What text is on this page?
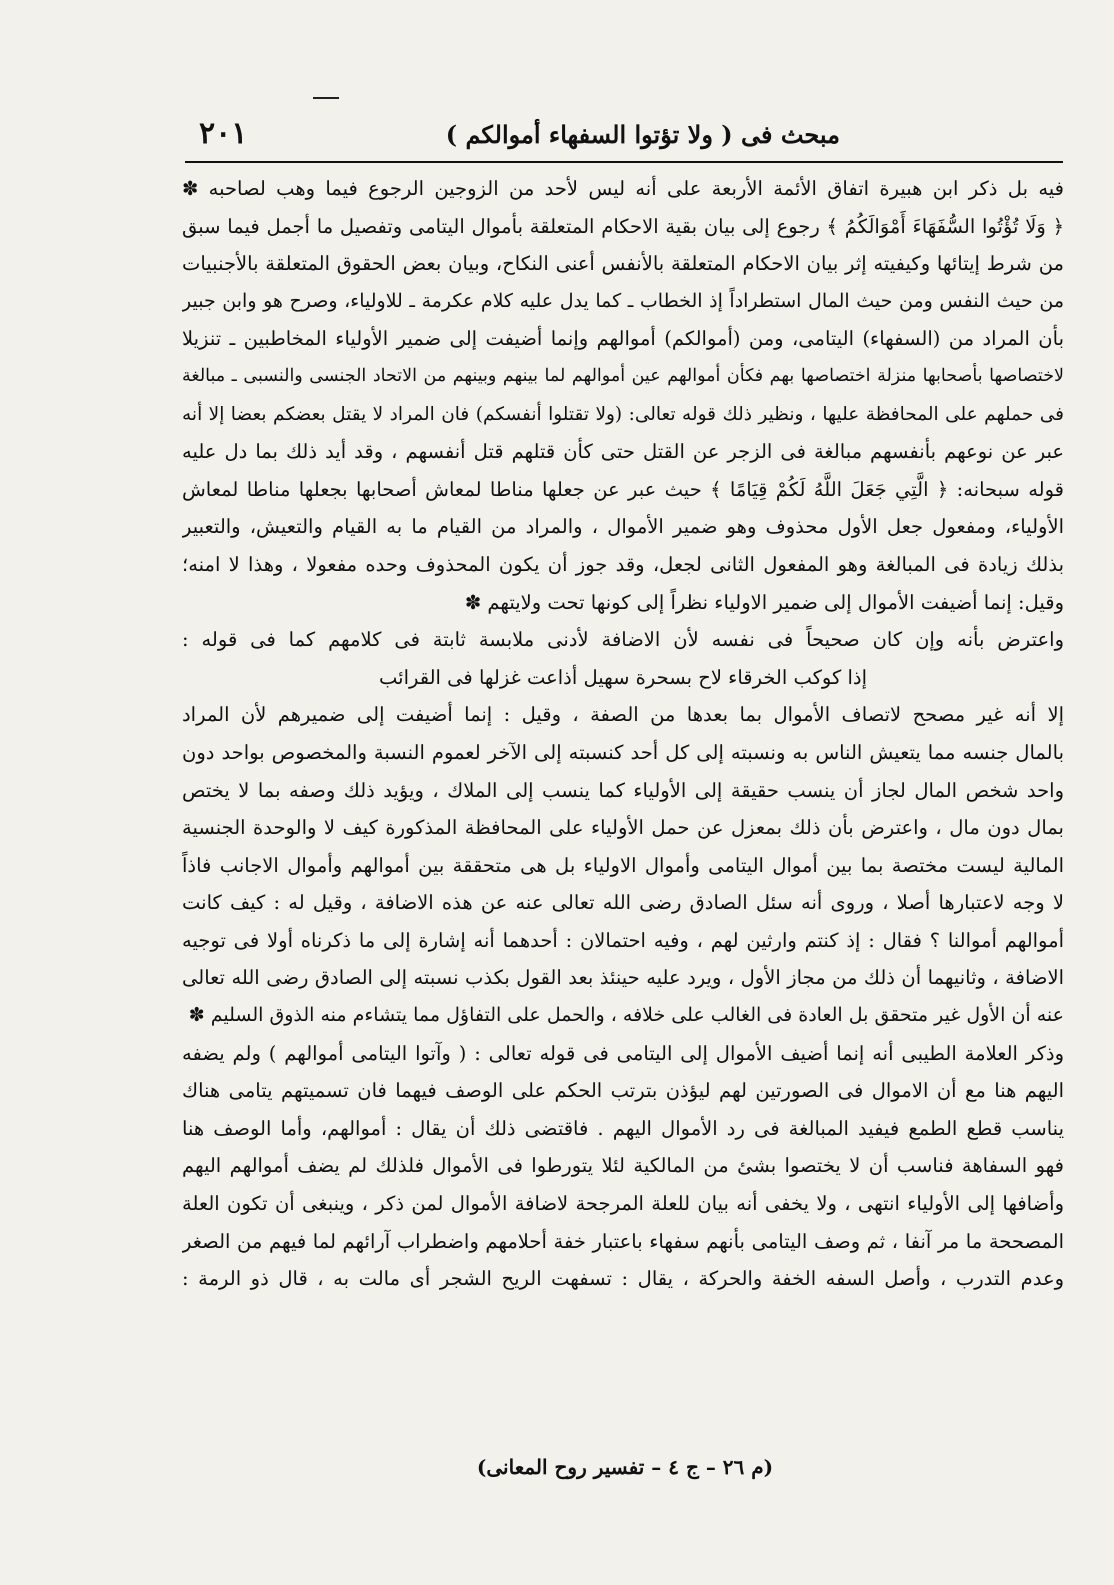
مبحث فى ( ولا تؤتوا السفهاء أموالكم )
٢٠١
فيه بل ذكر ابن هبيرة اتفاق الأئمة الأربعة على أنه ليس لأحد من الزوجين الرجوع فيما وهب لصاحبه ✽
﴿ وَلَا تُؤْتُوا السُّفَهَاءَ أَمْوَالَكُمُ ﴾ رجوع إلى بيان بقية الاحكام المتعلقة بأموال اليتامى وتفصيل ما أجمل فيما سبق
من شرط إيتائها وكيفيته إثر بيان الاحكام المتعلقة بالأنفس أعنى النكاح، وبيان بعض الحقوق المتعلقة بالأجنبيات
من حيث النفس ومن حيث المال استطراداً إذ الخطاب ـ كما يدل عليه كلام عكرمة ـ للاولياء، وصرح هو وابن جبير
بأن المراد من (السفهاء) اليتامى، ومن (أموالكم) أموالهم وإنما أضيفت إلى ضمير الأولياء المخاطبين ـ تنزيلا
لاختصاصها بأصحابها منزلة اختصاصها بهم فكأن أموالهم عين أموالهم لما بينهم وبينهم من الاتحاد الجنسى والنسبى ـ مبالغة
فى حملهم على المحافظة عليها ، ونظير ذلك قوله تعالى: (ولا تقتلوا أنفسكم) فان المراد لا يقتل بعضكم بعضا إلا أنه
عبر عن نوعهم بأنفسهم مبالغة فى الزجر عن القتل حتى كأن قتلهم قتل أنفسهم ، وقد أيد ذلك بما دل عليه
قوله سبحانه: ﴿ الَّتِي جَعَلَ اللَّهُ لَكُمْ قِيَامًا ﴾ حيث عبر عن جعلها مناطا لمعاش أصحابها بجعلها مناطا لمعاش
الأولياء، ومفعول جعل الأول محذوف وهو ضمير الأموال ، والمراد من القيام ما به القيام والتعيش، والتعبير
بذلك زيادة فى المبالغة وهو المفعول الثانى لجعل، وقد جوز أن يكون المحذوف وحده مفعولا ، وهذا لا امنه؛
وقيل: إنما أضيفت الأموال إلى ضمير الاولياء نظراً إلى كونها تحت ولايتهم ✽
واعترض بأنه وإن كان صحيحاً فى نفسه لأن الاضافة لأدنى ملابسة ثابتة فى كلامهم كما فى قوله :
إذا كوكب الخرقاء لاح بسحرة سهيل أذاعت غزلها فى القرائب
إلا أنه غير مصحح لاتصاف الأموال بما بعدها من الصفة ، وقيل : إنما أضيفت إلى ضميرهم لأن المراد
بالمال جنسه مما يتعيش الناس به ونسبته إلى كل أحد كنسبته إلى الآخر لعموم النسبة والمخصوص بواحد دون
واحد شخص المال لجاز أن ينسب حقيقة إلى الأولياء كما ينسب إلى الملاك ، ويؤيد ذلك وصفه بما لا يختص
بمال دون مال ، واعترض بأن ذلك بمعزل عن حمل الأولياء على المحافظة المذكورة كيف لا والوحدة الجنسية
المالية ليست مختصة بما بين أموال اليتامى وأموال الاولياء بل هى متحققة بين أموالهم وأموال الاجانب فاذاً
لا وجه لاعتبارها أصلا ، وروى أنه سئل الصادق رضى الله تعالى عنه عن هذه الاضافة ، وقيل له : كيف كانت
أموالهم أموالنا ؟ فقال : إذ كنتم وارثين لهم ، وفيه احتمالان : أحدهما أنه إشارة إلى ما ذكرناه أولا فى توجيه
الاضافة ، وثانيهما أن ذلك من مجاز الأول ، ويرد عليه حينئذ بعد القول بكذب نسبته إلى الصادق رضى الله تعالى
عنه أن الأول غير متحقق بل العادة فى الغالب على خلافه ، والحمل على التفاؤل مما يتشاءم منه الذوق السليم ✽
وذكر العلامة الطيبى أنه إنما أضيف الأموال إلى اليتامى فى قوله تعالى : ( وآتوا اليتامى أموالهم ) ولم يضفه
اليهم هنا مع أن الاموال فى الصورتين لهم ليؤذن بترتب الحكم على الوصف فيهما فان تسميتهم يتامى هناك
يناسب قطع الطمع فيفيد المبالغة فى رد الأموال اليهم . فاقتضى ذلك أن يقال : أموالهم، وأما الوصف هنا
فهو السفاهة فناسب أن لا يختصوا بشئ من المالكية لئلا يتورطوا فى الأموال فلذلك لم يضف أموالهم اليهم
وأضافها إلى الأولياء انتهى ، ولا يخفى أنه بيان للعلة المرجحة لاضافة الأموال لمن ذكر ، وينبغى أن تكون العلة
المصححة ما مر آنفا ، ثم وصف اليتامى بأنهم سفهاء باعتبار خفة أحلامهم واضطراب آرائهم لما فيهم من الصغر
وعدم التدرب ، وأصل السفه الخفة والحركة ، يقال : تسفهت الريح الشجر أى مالت به ، قال ذو الرمة :
(م ٢٦ – ج ٤ – تفسير روح المعانى)
